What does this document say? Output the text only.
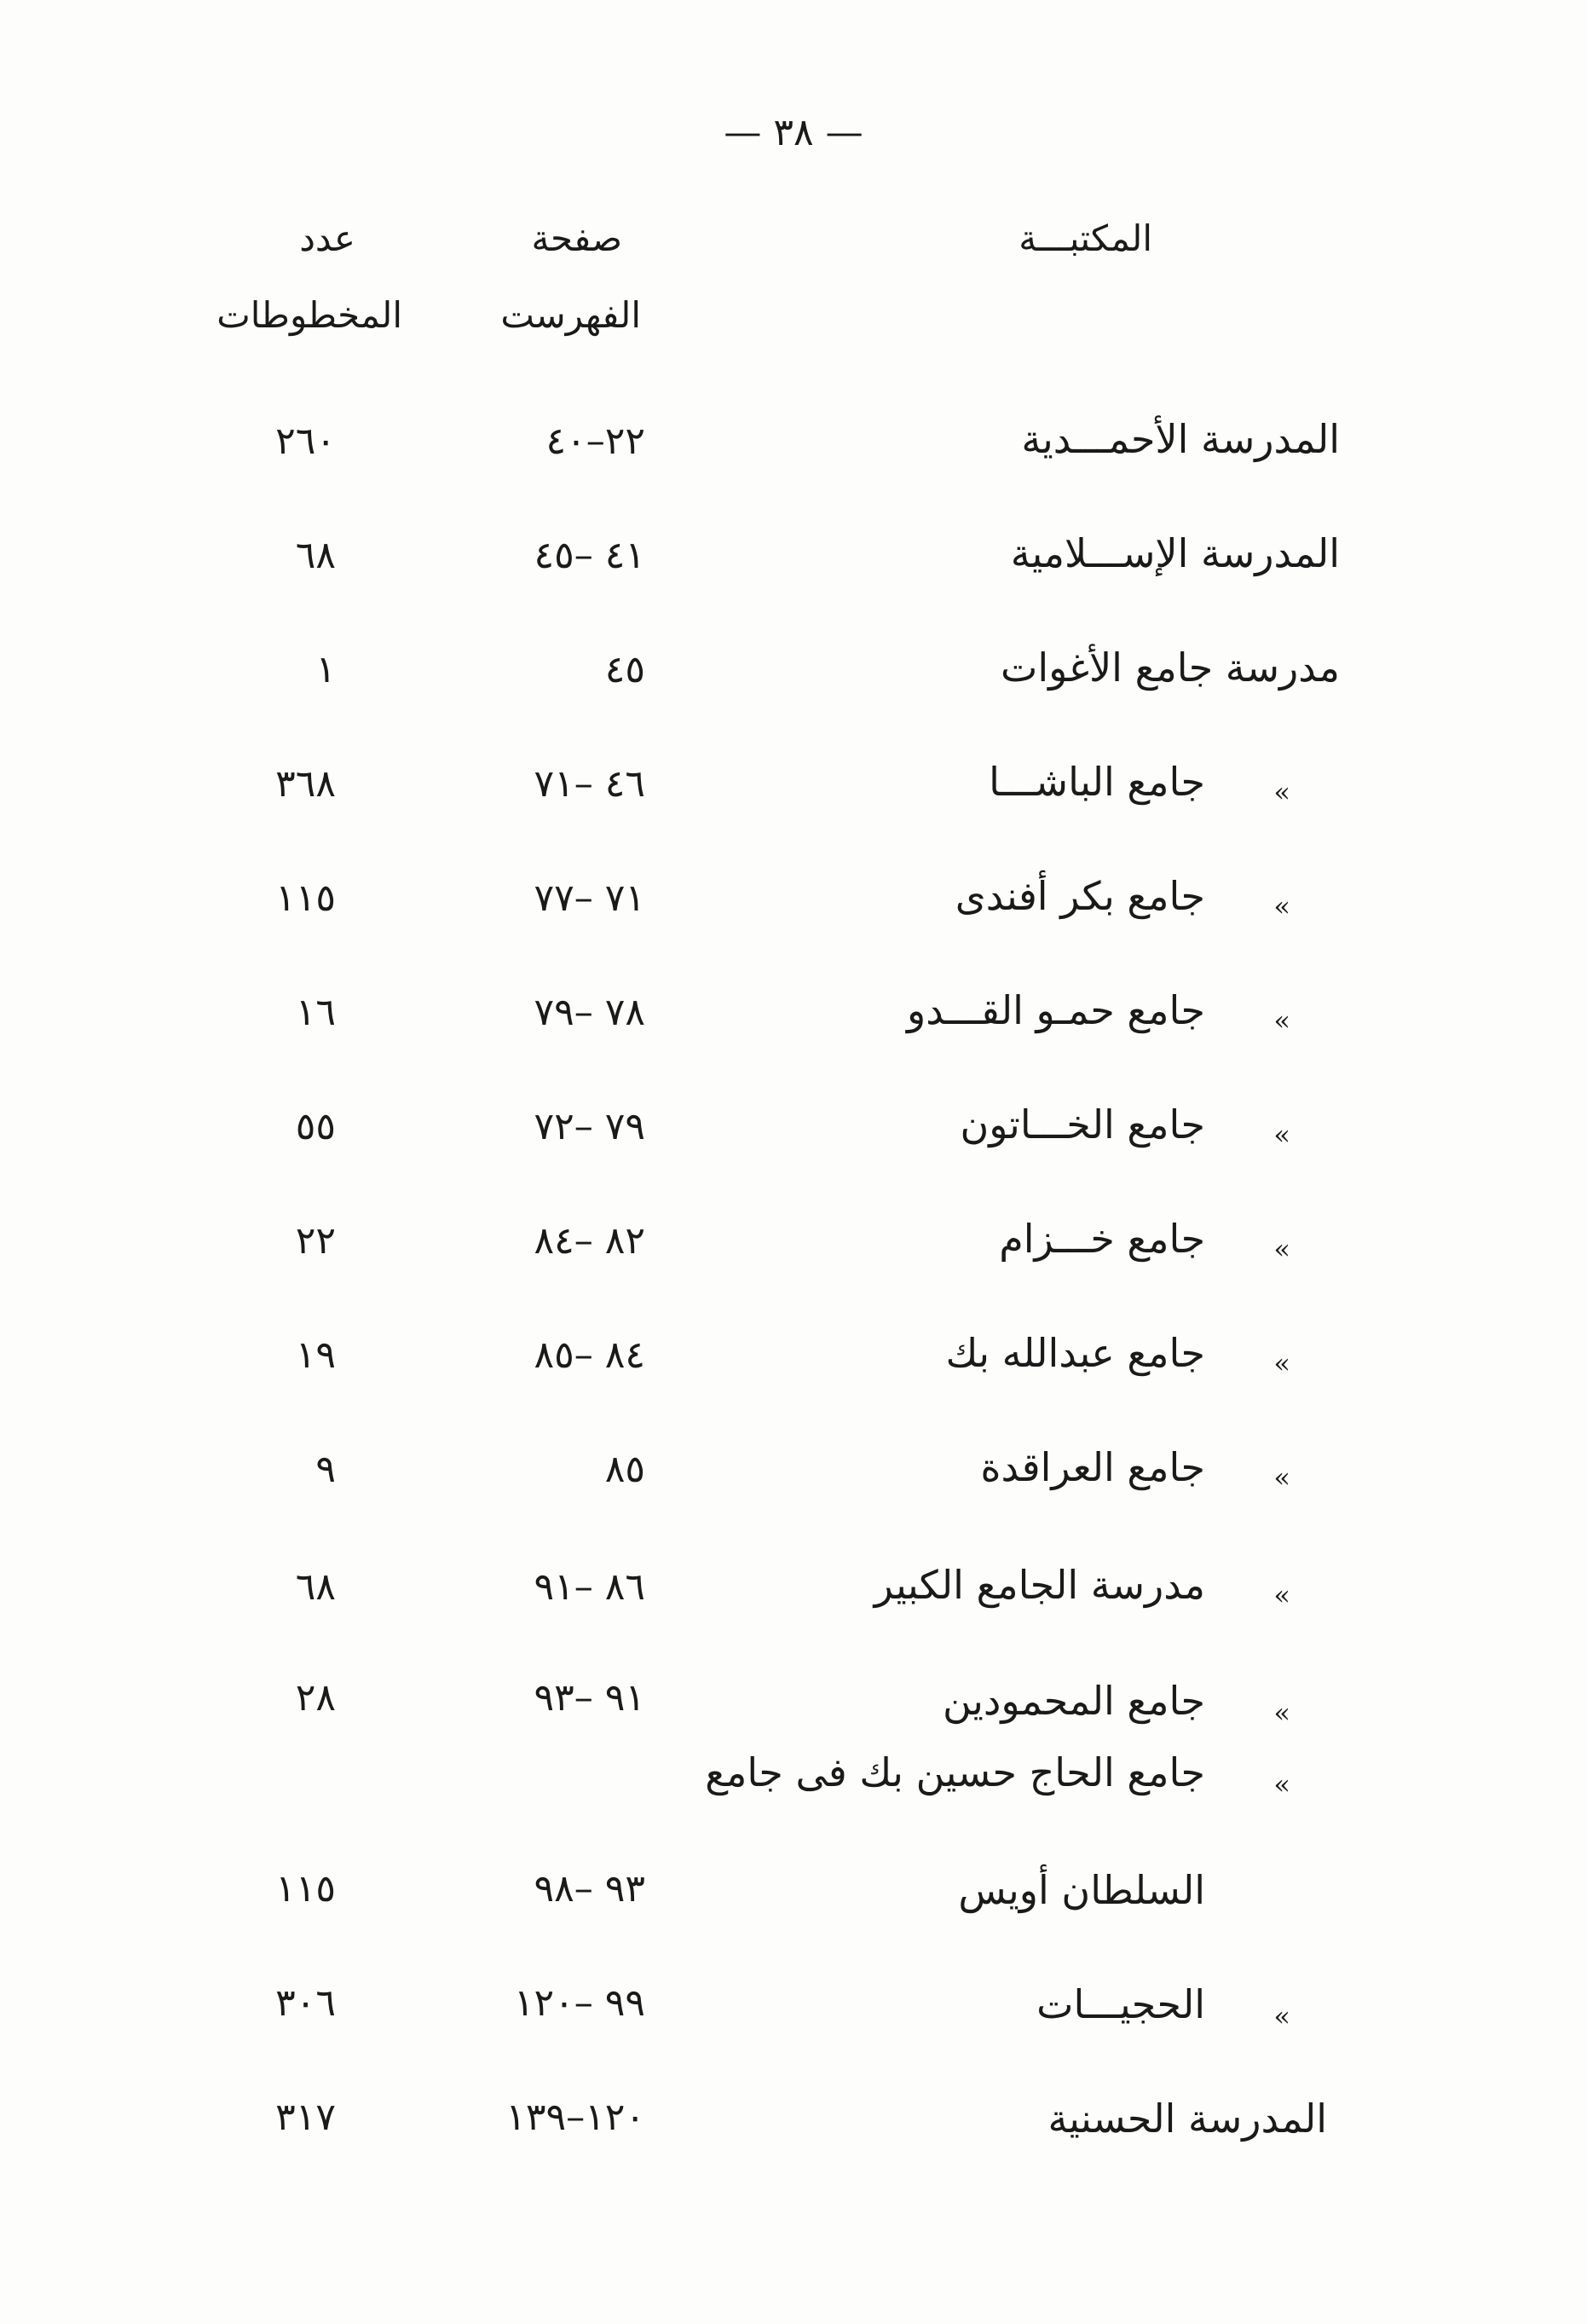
— ٣٨ —
المكتبـــة
صفحة
الفهرست
عدد
المخطوطات
المدرسة الأحمـــدية
٢٢–٤٠
٢٦٠
المدرسة الإســـلامية
٤١ –٤٥
٦٨
مدرسة جامع الأغوات
٤٥
١
»
جامع الباشـــا
٤٦ –٧١
٣٦٨
»
جامع بكر أفندى
٧١ –٧٧
١١٥
»
جامع حمـو القـــدو
٧٨ –٧٩
١٦
»
جامع الخـــاتون
٧٩ –٧٢
٥٥
»
جامع خـــزام
٨٢ –٨٤
٢٢
»
جامع عبدالله بك
٨٤ –٨٥
١٩
»
جامع العراقدة
٨٥
٩
»
مدرسة الجامع الكبير
٨٦ –٩١
٦٨
»
جامع المحمودين
٩١ –٩٣
٢٨
»
جامع الحاج حسين بك فى جامع
السلطان أويس
٩٣ –٩٨
١١٥
»
الحجيـــات
٩٩ –١٢٠
٣٠٦
المدرسة الحسنية
١٢٠–١٣٩
٣١٧
